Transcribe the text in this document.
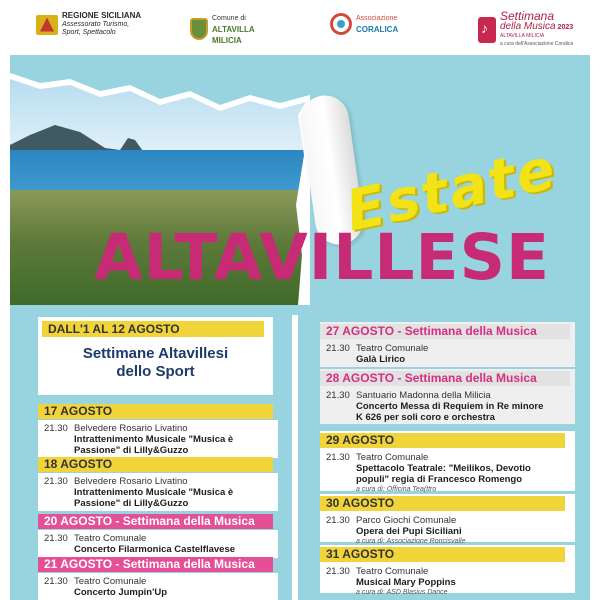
REGIONE SICILIANA
Assessorato Turismo,
Sport, Spettacolo
Comune di
ALTAVILLA
MILICIA
Associazione
CORALICA
♪
Settimana
della Musica 2023
ALTAVILLA MILICIA
a cura dell'Associazione Coralica
Estate
ALTAVILLESE
DALL'1 AL 12 AGOSTO
Settimane Altavillesi
dello Sport
17 AGOSTO
21.30 Belvedere Rosario Livatino
Intrattenimento Musicale "Musica è
Passione" di Lilly&Guzzo
18 AGOSTO
21.30 Belvedere Rosario Livatino
Intrattenimento Musicale "Musica è
Passione" di Lilly&Guzzo
20 AGOSTO - Settimana della Musica
21.30 Teatro Comunale
Concerto Filarmonica Castelflavese
21 AGOSTO - Settimana della Musica
21.30 Teatro Comunale
Concerto Jumpin'Up
27 AGOSTO - Settimana della Musica
21.30 Teatro Comunale
Galà Lirico
28 AGOSTO - Settimana della Musica
21.30 Santuario Madonna della Milicia
Concerto Messa di Requiem in Re minore
K 626 per soli coro e orchestra
29 AGOSTO
21.30 Teatro Comunale
Spettacolo Teatrale: "Meilikos, Devotio
populi" regia di Francesco Romengo
a cura di: Officina Tea(ttro
30 AGOSTO
21.30 Parco Giochi Comunale
Opera dei Pupi Siciliani
a cura di: Associazione Roncisvalle
31 AGOSTO
21.30 Teatro Comunale
Musical Mary Poppins
a cura di: ASD Blasius Dance
